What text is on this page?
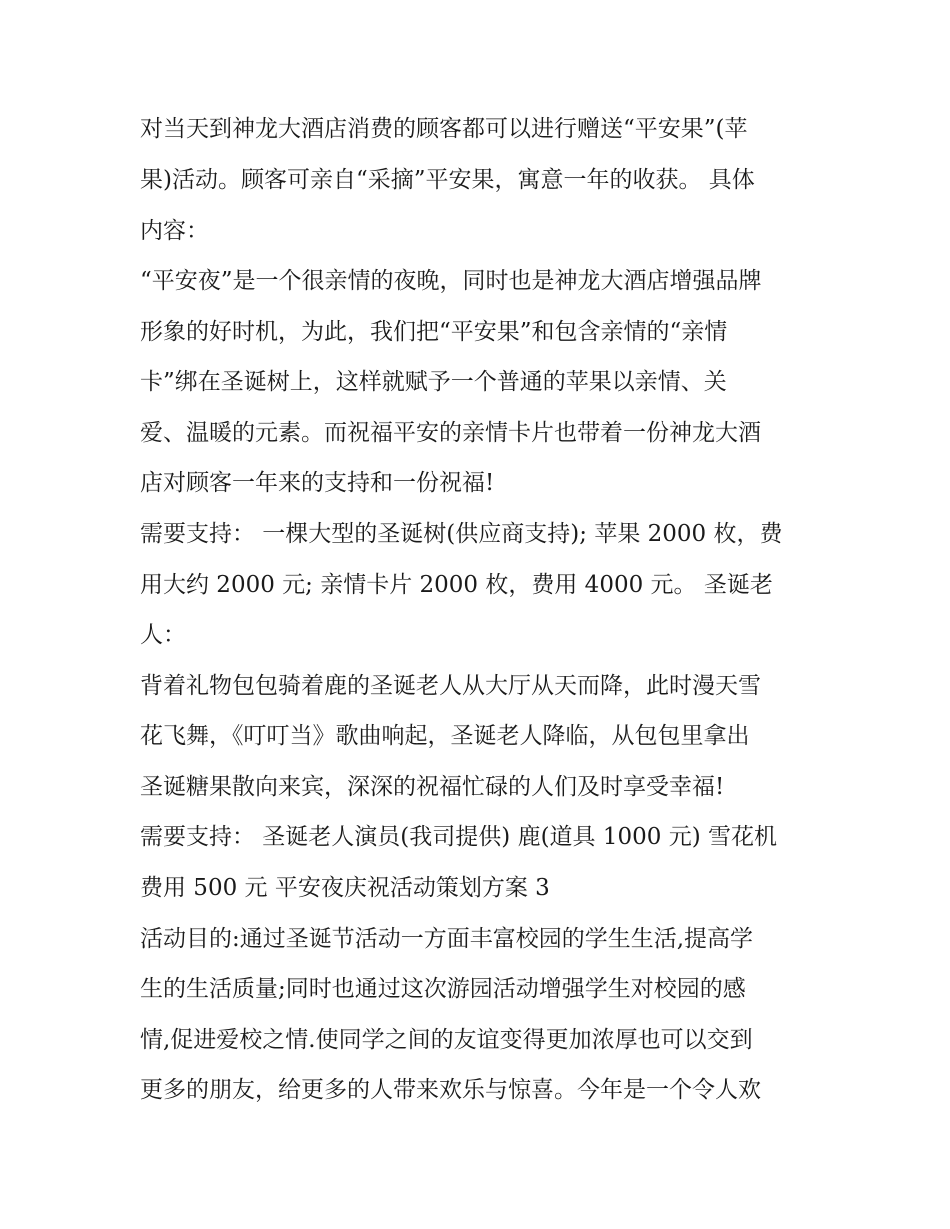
对当天到神龙大酒店消费的顾客都可以进行赠送“平安果”(苹
果)活动。顾客可亲自“采摘”平安果，寓意一年的收获。 具体
内容：
“平安夜”是一个很亲情的夜晚，同时也是神龙大酒店增强品牌
形象的好时机，为此，我们把“平安果”和包含亲情的“亲情
卡”绑在圣诞树上，这样就赋予一个普通的苹果以亲情、关
爱、温暖的元素。而祝福平安的亲情卡片也带着一份神龙大酒
店对顾客一年来的支持和一份祝福!
需要支持： 一棵大型的圣诞树(供应商支持); 苹果 2000 枚，费
用大约 2000 元; 亲情卡片 2000 枚，费用 4000 元。 圣诞老
人：
背着礼物包包骑着鹿的圣诞老人从大厅从天而降，此时漫天雪
花飞舞，《叮叮当》歌曲响起，圣诞老人降临，从包包里拿出
圣诞糖果散向来宾，深深的祝福忙碌的人们及时享受幸福!
需要支持： 圣诞老人演员(我司提供) 鹿(道具 1000 元) 雪花机
费用 500 元 平安夜庆祝活动策划方案 3
活动目的:通过圣诞节活动一方面丰富校园的学生生活,提高学
生的生活质量;同时也通过这次游园活动增强学生对校园的感
情,促进爱校之情.使同学之间的友谊变得更加浓厚也可以交到
更多的朋友，给更多的人带来欢乐与惊喜。今年是一个令人欢
